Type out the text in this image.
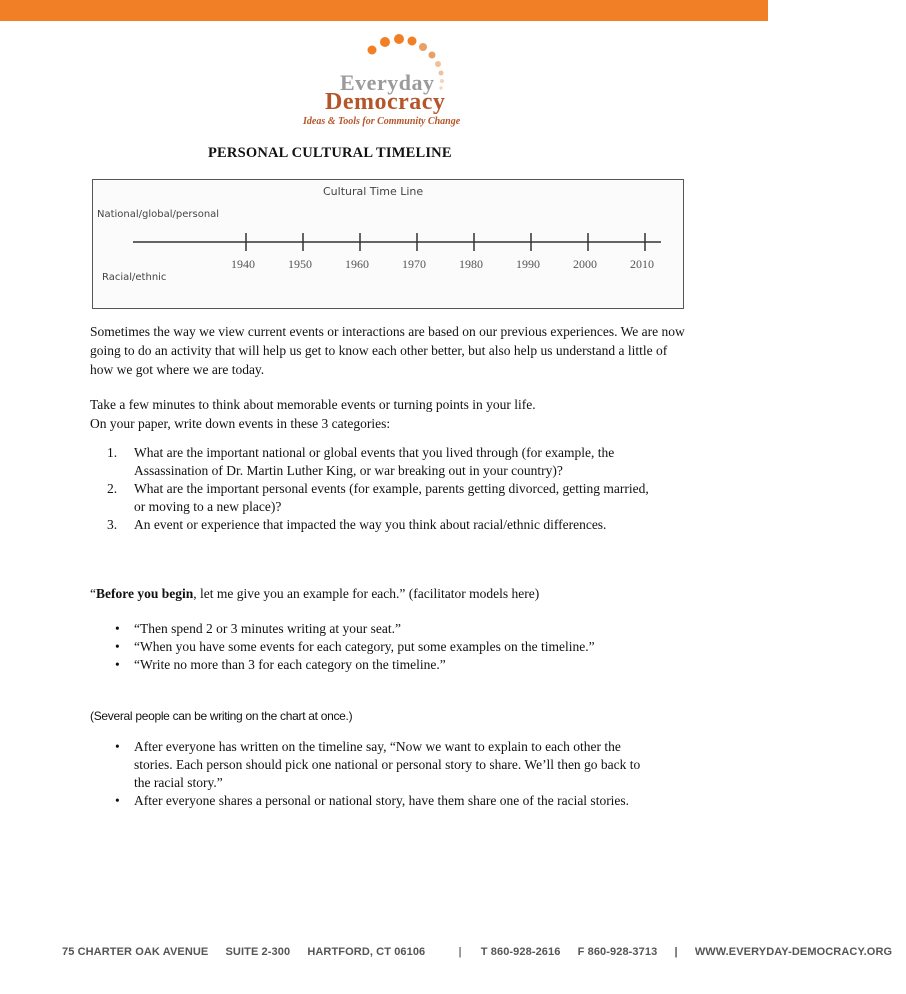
Everyday
Democracy
Ideas & Tools for Community Change
PERSONAL CULTURAL TIMELINE
Cultural Time Line
National/global/personal
Racial/ethnic
1940	1950	1960	1970	1980	1990	2000	2010
Sometimes the way we view current events or interactions are based on our previous experiences. We are now going to do an activity that will help us get to know each other better, but also help us understand a little of how we got where we are today.
Take a few minutes to think about memorable events or turning points in your life.
On your paper, write down events in these 3 categories:
1. What are the important national or global events that you lived through (for example, the Assassination of Dr. Martin Luther King, or war breaking out in your country)?
2. What are the important personal events (for example, parents getting divorced, getting married, or moving to a new place)?
3. An event or experience that impacted the way you think about racial/ethnic differences.
“Before you begin, let me give you an example for each.” (facilitator models here)
• “Then spend 2 or 3 minutes writing at your seat.”
• “When you have some events for each category, put some examples on the timeline.”
• “Write no more than 3 for each category on the timeline.”
(Several people can be writing on the chart at once.)
• After everyone has written on the timeline say, “Now we want to explain to each other the stories. Each person should pick one national or personal story to share. We’ll then go back to the racial story.”
• After everyone shares a personal or national story, have them share one of the racial stories.
75 CHARTER OAK AVENUE SUITE 2-300 HARTFORD, CT 06106	| T 860-928-2616 F 860-928-3713 | WWW.EVERYDAY-DEMOCRACY.ORG
